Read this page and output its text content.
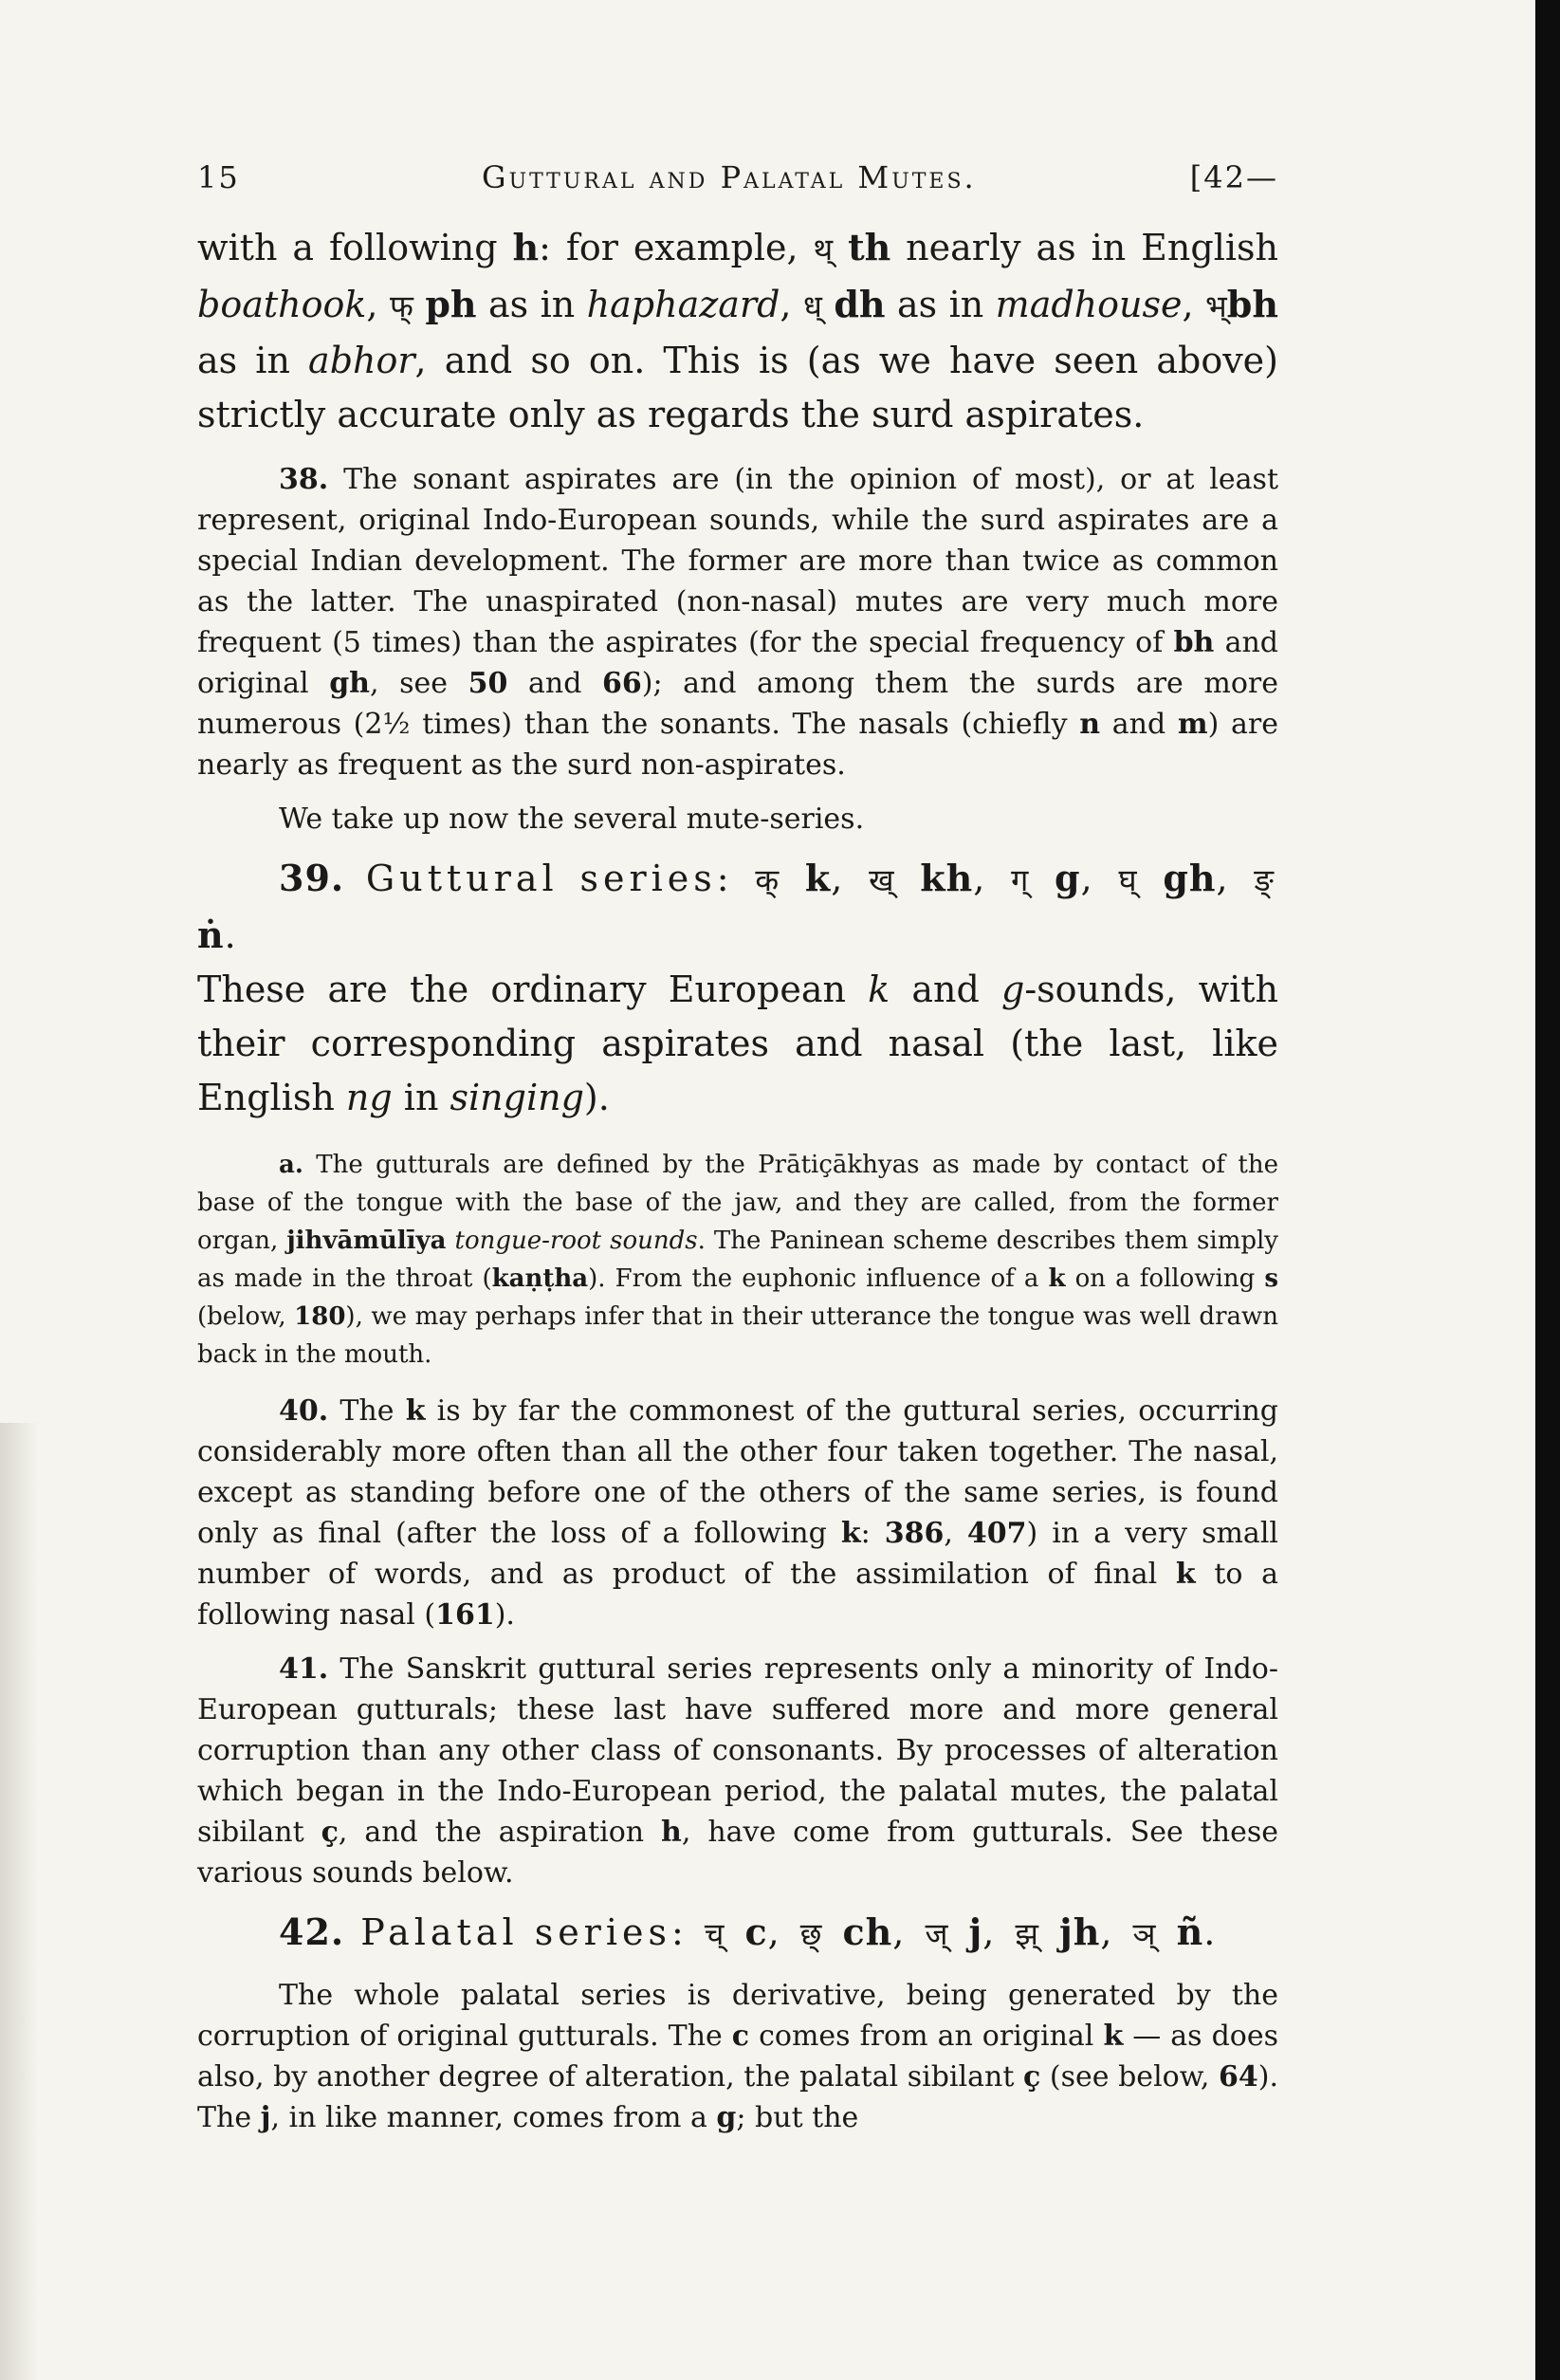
15	Guttural and Palatal Mutes.	[42—

with a following h: for example, थ् th nearly as in English boathook, फ् ph as in haphazard, ध् dh as in madhouse, भ्bh as in abhor, and so on. This is (as we have seen above) strictly accurate only as regards the surd aspirates.

38. The sonant aspirates are (in the opinion of most), or at least represent, original Indo-European sounds, while the surd aspirates are a special Indian development. The former are more than twice as common as the latter. The unaspirated (non-nasal) mutes are very much more frequent (5 times) than the aspirates (for the special frequency of bh and original gh, see 50 and 66); and among them the surds are more numerous (2½ times) than the sonants. The nasals (chiefly n and m) are nearly as frequent as the surd non-aspirates.

We take up now the several mute-series.

39. Guttural series: क् k, ख् kh, ग् g, घ् gh, ङ् ṅ.

These are the ordinary European k and g-sounds, with their corresponding aspirates and nasal (the last, like English ng in singing).

a. The gutturals are defined by the Prātiçākhyas as made by contact of the base of the tongue with the base of the jaw, and they are called, from the former organ, jihvāmūlīya tongue-root sounds. The Paninean scheme describes them simply as made in the throat (kaṇṭha). From the euphonic influence of a k on a following s (below, 180), we may perhaps infer that in their utterance the tongue was well drawn back in the mouth.

40. The k is by far the commonest of the guttural series, occurring considerably more often than all the other four taken together. The nasal, except as standing before one of the others of the same series, is found only as final (after the loss of a following k: 386, 407) in a very small number of words, and as product of the assimilation of final k to a following nasal (161).

41. The Sanskrit guttural series represents only a minority of Indo-European gutturals; these last have suffered more and more general corruption than any other class of consonants. By processes of alteration which began in the Indo-European period, the palatal mutes, the palatal sibilant ç, and the aspiration h, have come from gutturals. See these various sounds below.

42. Palatal series: च् c, छ् ch, ज् j, झ् jh, ञ् ñ.

The whole palatal series is derivative, being generated by the corruption of original gutturals. The c comes from an original k — as does also, by another degree of alteration, the palatal sibilant ç (see below, 64). The j, in like manner, comes from a g; but the
